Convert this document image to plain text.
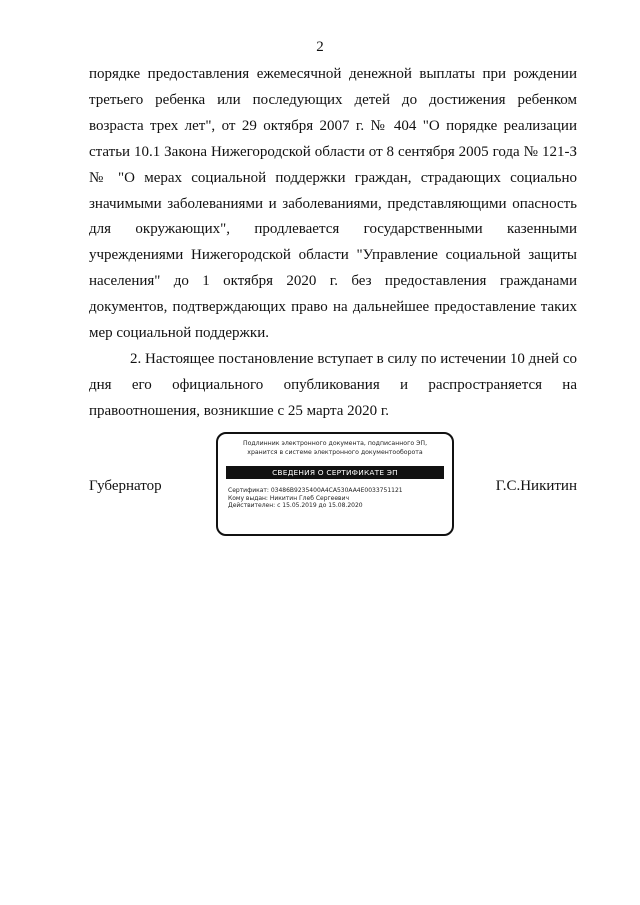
2

порядке предоставления ежемесячной денежной выплаты при рождении третьего ребенка или последующих детей до достижения ребенком возраста трех лет", от 29 октября 2007 г. № 404 "О порядке реализации статьи 10.1 Закона Нижегородской области от 8 сентября 2005 года № 121-З № "О мерах социальной поддержки граждан, страдающих социально значимыми заболеваниями и заболеваниями, представляющими опасность для окружающих", продлевается государственными казенными учреждениями Нижегородской области "Управление социальной защиты населения" до 1 октября 2020 г. без предоставления гражданами документов, подтверждающих право на дальнейшее предоставление таких мер социальной поддержки.

2. Настоящее постановление вступает в силу по истечении 10 дней со дня его официального опубликования и распространяется на правоотношения, возникшие с 25 марта 2020 г.

Губернатор
Подлинник электронного документа, подписанного ЭП,
хранится в системе электронного документооборота
СВЕДЕНИЯ О СЕРТИФИКАТЕ ЭП
Сертификат: 03486B9235400A4CA530AA4E0033751121
Кому выдан: Никитин Глеб Сергеевич
Действителен: с 15.05.2019 до 15.08.2020
Г.С.Никитин
